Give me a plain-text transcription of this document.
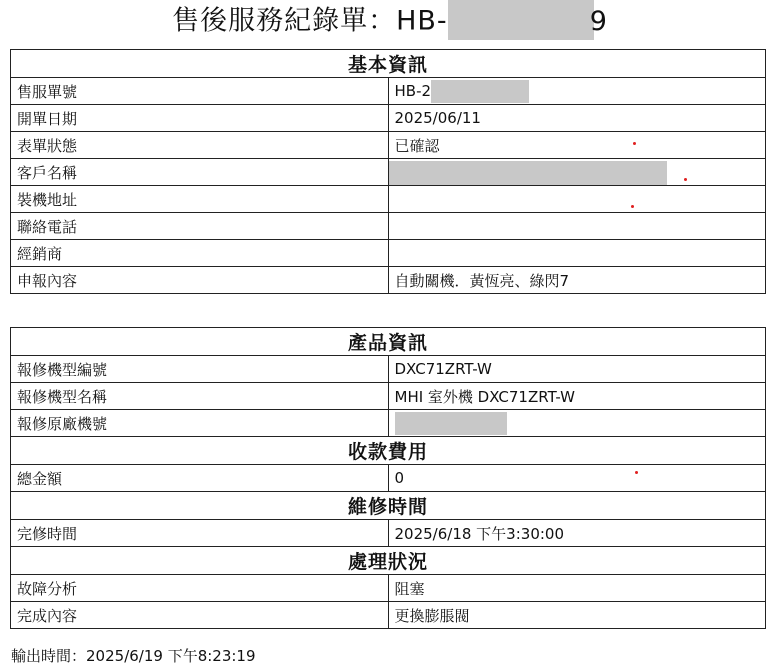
售後服務紀錄單：HB-	9
基本資訊	
售服單號	HB-2
開單日期	2025/06/11
表單狀態	已確認
客戶名稱	

裝機地址	
聯絡電話	
經銷商	
申報內容	自動關機．黃恆亮、綠閃7
產品資訊	
報修機型編號	DXC71ZRT-W
報修機型名稱	MHI 室外機 DXC71ZRT-W
報修原廠機號	
收款費用	
總金額	0
維修時間	
完修時間	2025/6/18 下午3:30:00
處理狀況	
故障分析	阻塞
完成內容	更換膨脹閥
輸出時間：2025/6/19 下午8:23:19
